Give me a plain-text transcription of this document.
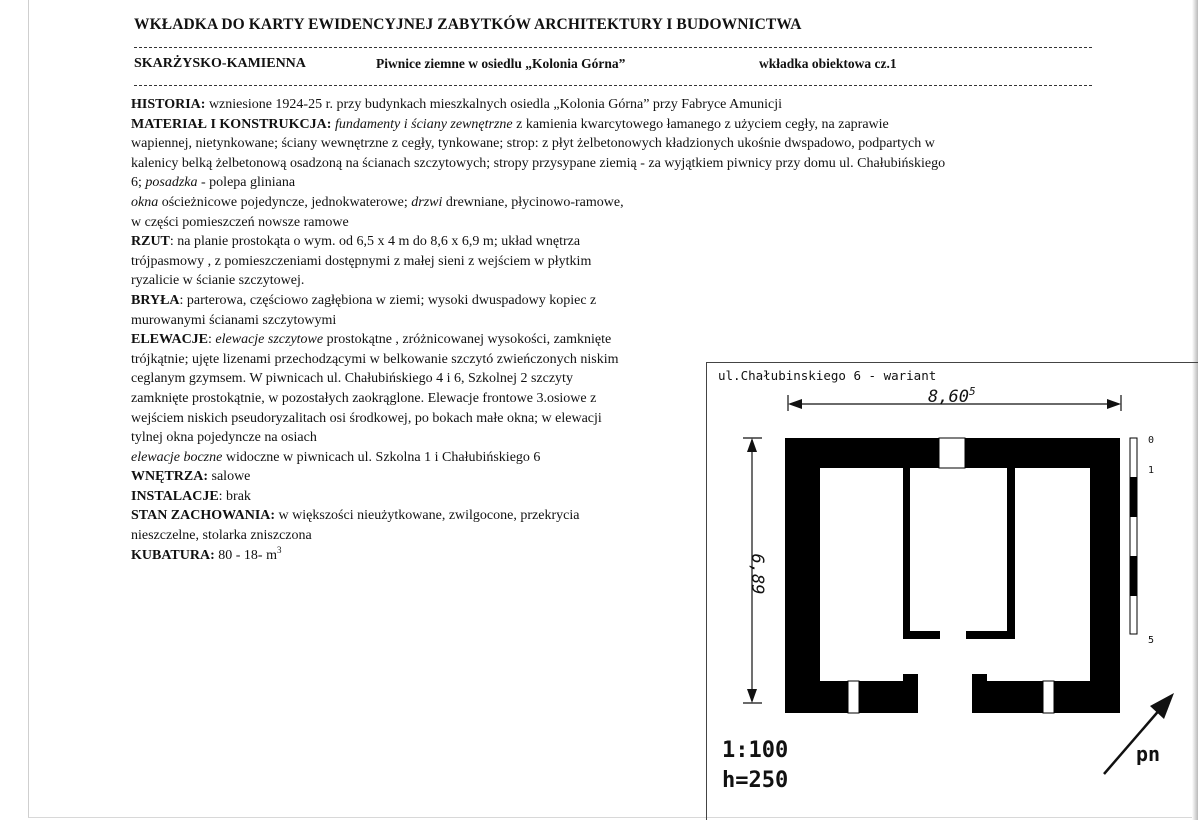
WKŁADKA DO KARTY EWIDENCYJNEJ ZABYTKÓW ARCHITEKTURY I BUDOWNICTWA
SKARŻYSKO-KAMIENNA	Piwnice ziemne w osiedlu „Kolonia Górna”	wkładka obiektowa cz.1
HISTORIA: wzniesione 1924-25 r. przy budynkach mieszkalnych osiedla „Kolonia Górna” przy Fabryce Amunicji
MATERIAŁ I KONSTRUKCJA: fundamenty i ściany zewnętrzne z kamienia kwarcytowego łamanego z użyciem cegły, na zaprawie
wapiennej, nietynkowane; ściany wewnętrzne z cegły, tynkowane; strop: z płyt żelbetonowych kładzionych ukośnie dwspadowo, podpartych w
kalenicy belką żelbetonową osadzoną na ścianach szczytowych; stropy przysypane ziemią - za wyjątkiem piwnicy przy domu ul. Chałubińskiego
6; posadzka - polepa gliniana
okna ościeżnicowe pojedyncze, jednokwaterowe; drzwi drewniane, płycinowo-ramowe,
w części pomieszczeń nowsze ramowe
RZUT: na planie prostokąta o wym. od 6,5 x 4 m do 8,6 x 6,9 m; układ wnętrza
trójpasmowy , z pomieszczeniami dostępnymi z małej sieni z wejściem w płytkim
ryzalicie w ścianie szczytowej.
BRYŁA: parterowa, częściowo zagłębiona w ziemi; wysoki dwuspadowy kopiec z
murowanymi ścianami szczytowymi
ELEWACJE: elewacje szczytowe prostokątne , zróżnicowanej wysokości, zamknięte
trójkątnie; ujęte lizenami przechodzącymi w belkowanie szczytó zwieńczonych niskim
ceglanym gzymsem. W piwnicach ul. Chałubińskiego 4 i 6, Szkolnej 2 szczyty
zamknięte prostokątnie, w pozostałych zaokrąglone. Elewacje frontowe 3.osiowe z
wejściem niskich pseudoryzalitach osi środkowej, po bokach małe okna; w elewacji
tylnej okna pojedyncze na osiach
elewacje boczne widoczne w piwnicach ul. Szkolna 1 i Chałubińskiego 6
WNĘTRZA: salowe
INSTALACJE: brak
STAN ZACHOWANIA: w większości nieużytkowane, zwilgocone, przekrycia
nieszczelne, stolarka zniszczona
KUBATURA: 80 - 18- $m^3$
ul.Chałubinskiego 6 - wariant
8,60$^5$
6,89
0
1
5
1:100
h=250
pn
